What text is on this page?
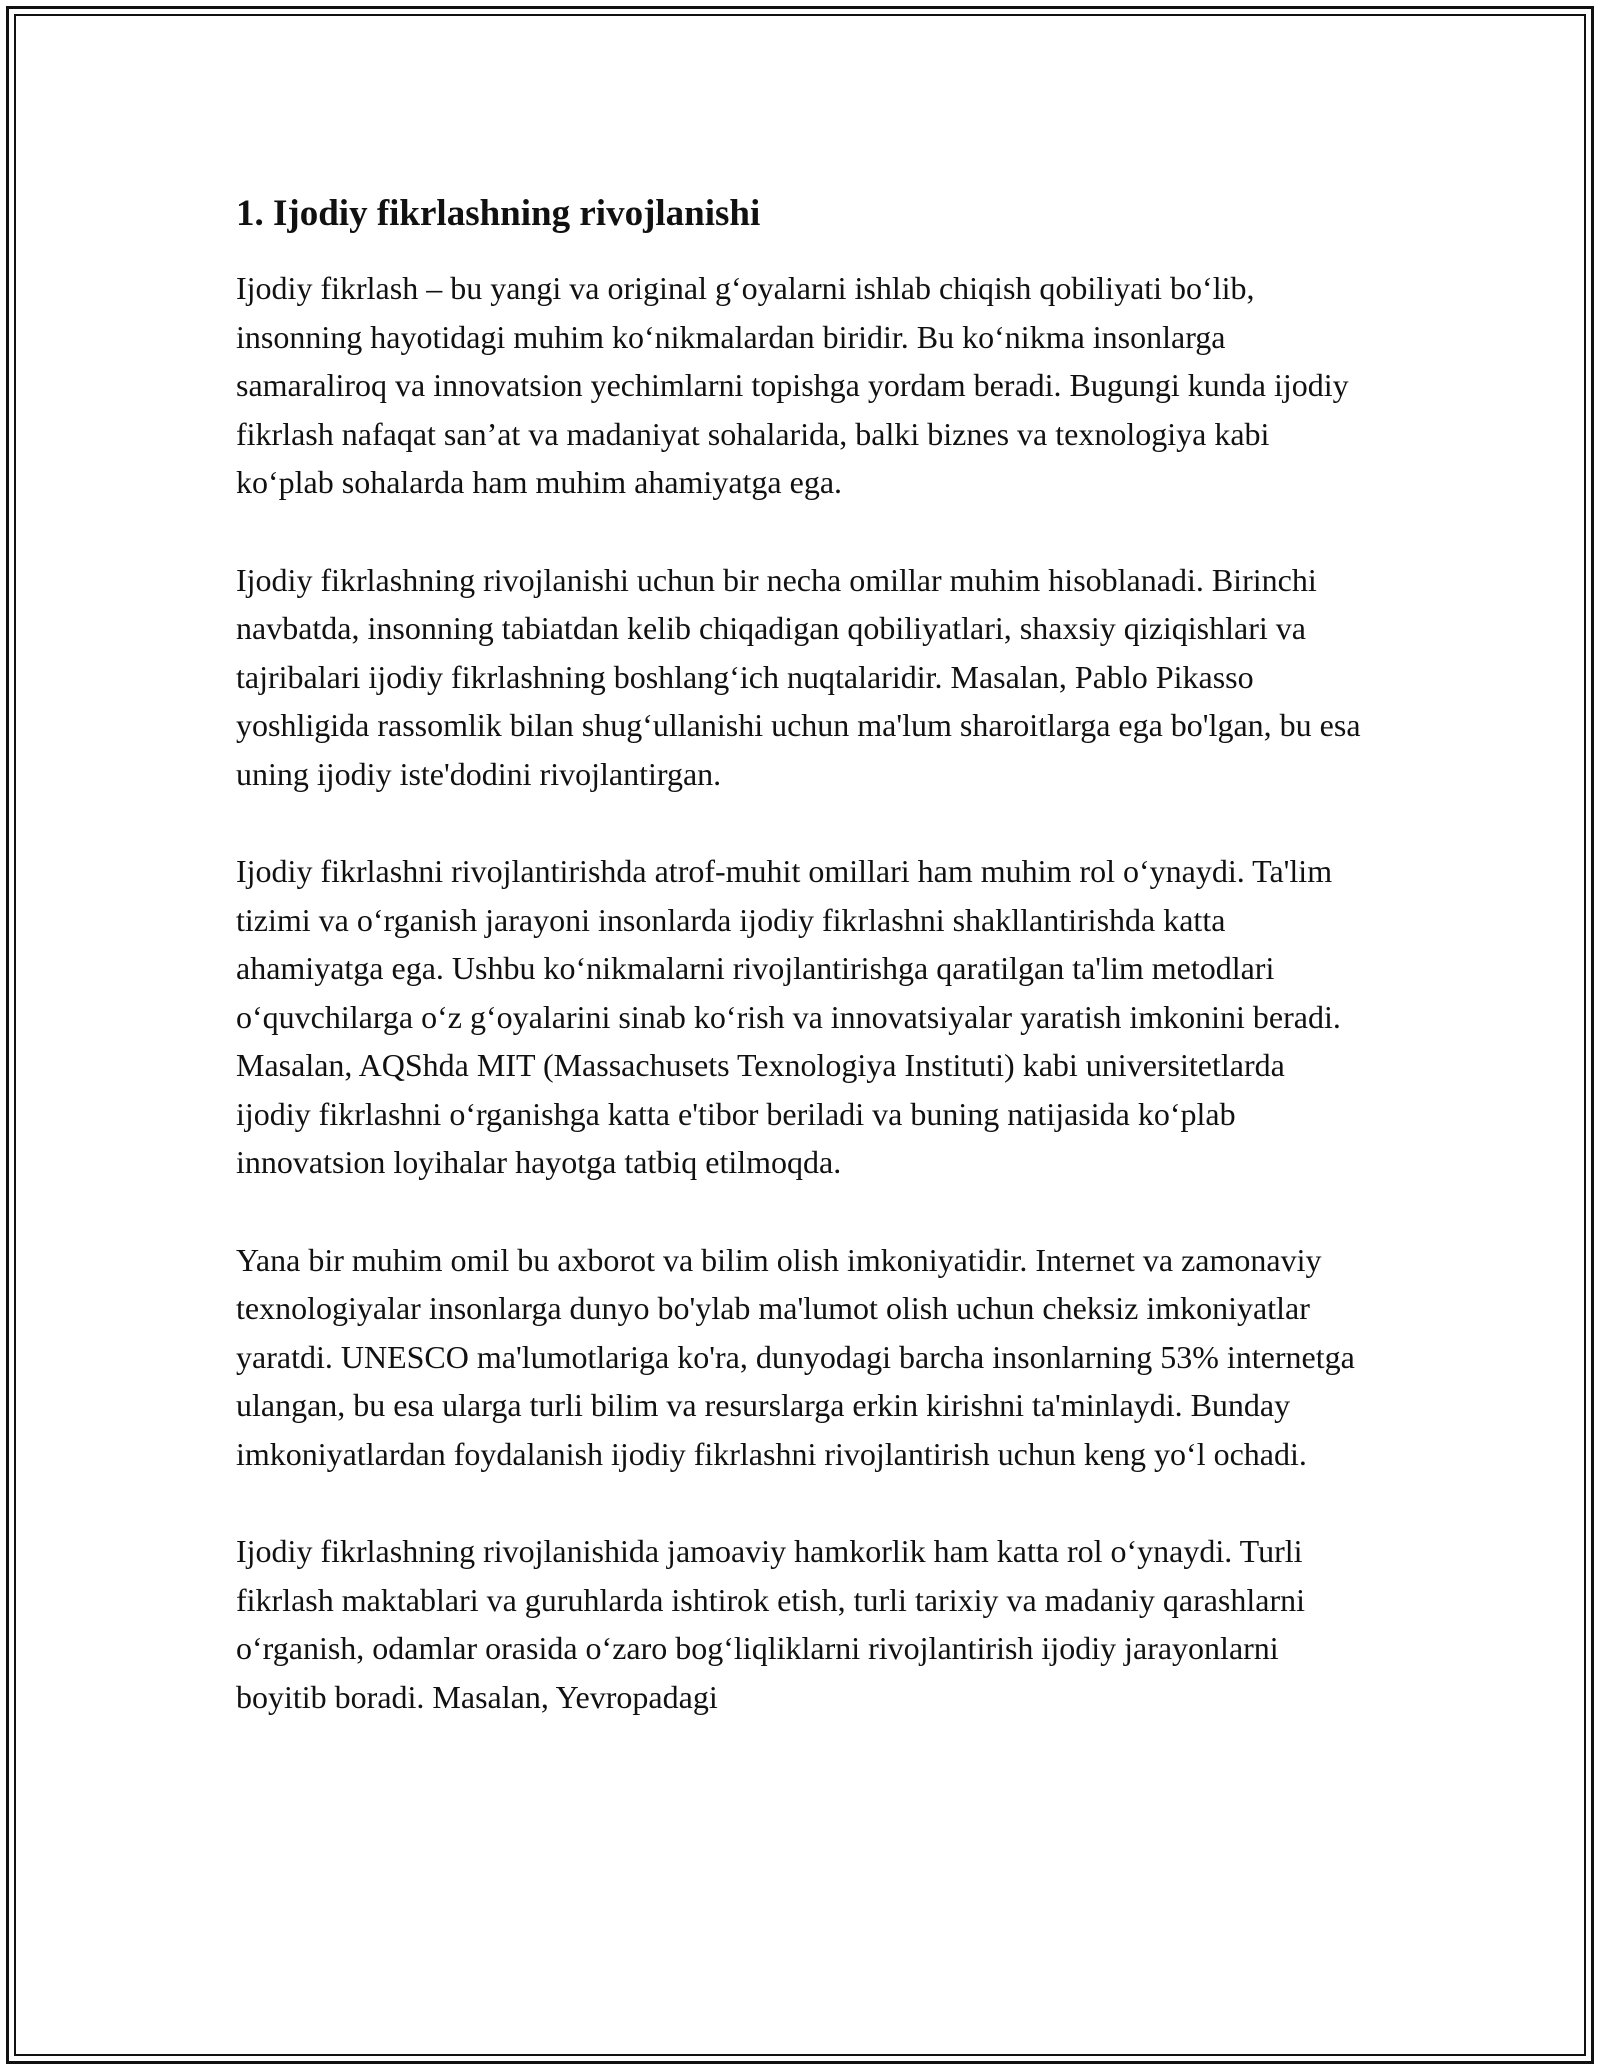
1. Ijodiy fikrlashning rivojlanishi

Ijodiy fikrlash – bu yangi va original g‘oyalarni ishlab chiqish qobiliyati bo‘lib, insonning hayotidagi muhim ko‘nikmalardan biridir. Bu ko‘nikma insonlarga samaraliroq va innovatsion yechimlarni topishga yordam beradi. Bugungi kunda ijodiy fikrlash nafaqat san’at va madaniyat sohalarida, balki biznes va texnologiya kabi ko‘plab sohalarda ham muhim ahamiyatga ega.

Ijodiy fikrlashning rivojlanishi uchun bir necha omillar muhim hisoblanadi. Birinchi navbatda, insonning tabiatdan kelib chiqadigan qobiliyatlari, shaxsiy qiziqishlari va tajribalari ijodiy fikrlashning boshlang‘ich nuqtalaridir. Masalan, Pablo Pikasso yoshligida rassomlik bilan shug‘ullanishi uchun ma'lum sharoitlarga ega bo'lgan, bu esa uning ijodiy iste'dodini rivojlantirgan.

Ijodiy fikrlashni rivojlantirishda atrof-muhit omillari ham muhim rol o‘ynaydi. Ta'lim tizimi va o‘rganish jarayoni insonlarda ijodiy fikrlashni shakllantirishda katta ahamiyatga ega. Ushbu ko‘nikmalarni rivojlantirishga qaratilgan ta'lim metodlari o‘quvchilarga o‘z g‘oyalarini sinab ko‘rish va innovatsiyalar yaratish imkonini beradi. Masalan, AQShda MIT (Massachusets Texnologiya Instituti) kabi universitetlarda ijodiy fikrlashni o‘rganishga katta e'tibor beriladi va buning natijasida ko‘plab innovatsion loyihalar hayotga tatbiq etilmoqda.

Yana bir muhim omil bu axborot va bilim olish imkoniyatidir. Internet va zamonaviy texnologiyalar insonlarga dunyo bo'ylab ma'lumot olish uchun cheksiz imkoniyatlar yaratdi. UNESCO ma'lumotlariga ko'ra, dunyodagi barcha insonlarning 53% internetga ulangan, bu esa ularga turli bilim va resurslarga erkin kirishni ta'minlaydi. Bunday imkoniyatlardan foydalanish ijodiy fikrlashni rivojlantirish uchun keng yo‘l ochadi.

Ijodiy fikrlashning rivojlanishida jamoaviy hamkorlik ham katta rol o‘ynaydi. Turli fikrlash maktablari va guruhlarda ishtirok etish, turli tarixiy va madaniy qarashlarni o‘rganish, odamlar orasida o‘zaro bog‘liqliklarni rivojlantirish ijodiy jarayonlarni boyitib boradi. Masalan, Yevropadagi
